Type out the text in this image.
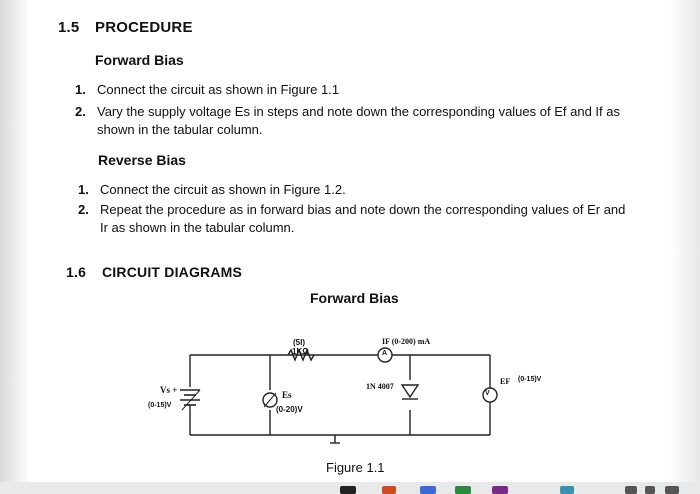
1.5 PROCEDURE
Forward Bias
1. Connect the circuit as shown in Figure 1.1
2. Vary the supply voltage Es in steps and note down the corresponding values of Ef and If as shown in the tabular column.
Reverse Bias
1. Connect the circuit as shown in Figure 1.2.
2. Repeat the procedure as in forward bias and note down the corresponding values of Er and Ir as shown in the tabular column.
1.6 CIRCUIT DIAGRAMS
Forward Bias
(5I)
1KΩ
IF (0-200) mA
A
1N 4007
Vs +
(0-15)V
Es
(0-20)V
V
EF (0-15)V
Figure 1.1
